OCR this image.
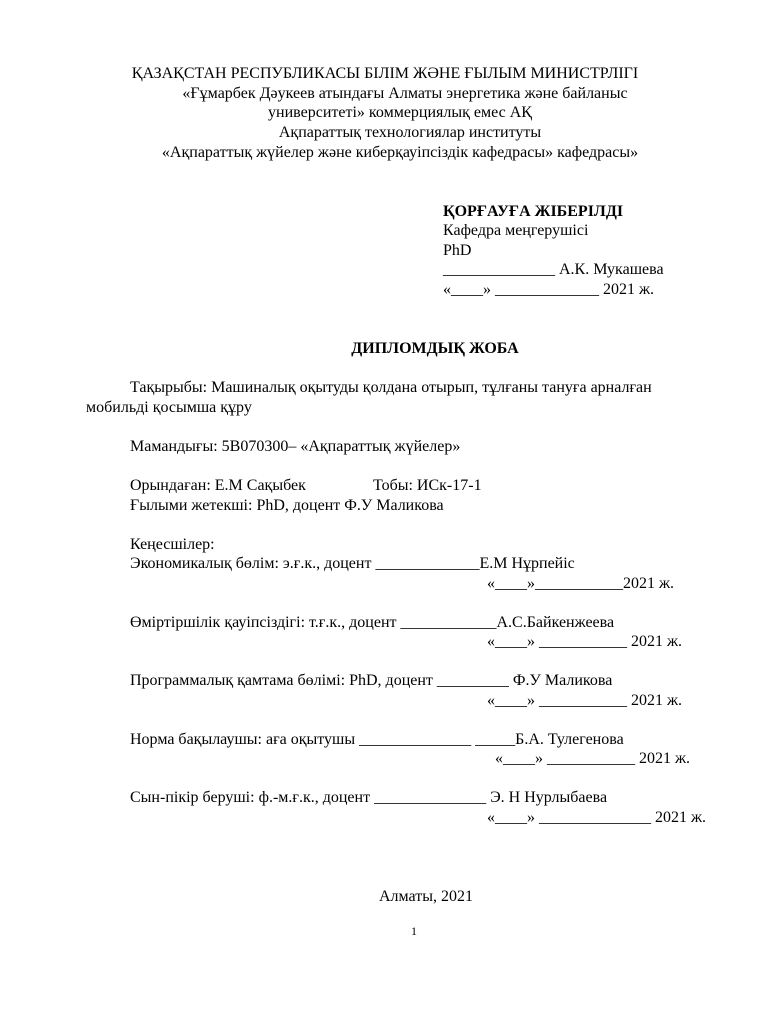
ҚАЗАҚСТАН РЕСПУБЛИКАСЫ БІЛІМ ЖӘНЕ ҒЫЛЫМ МИНИСТРЛІГІ
«Ғұмарбек Дәукеев атындағы Алматы энергетика және байланыс
университеті» коммерциялық емес АҚ
Ақпараттық технологиялар институты
«Ақпараттық жүйелер және киберқауіпсіздік кафедрасы» кафедрасы»
ҚОРҒАУҒА ЖІБЕРІЛДІ
Кафедра меңгерушісі
PhD
______________ А.К. Мукашева
«____» _____________ 2021 ж.
ДИПЛОМДЫҚ ЖОБА
Тақырыбы: Машиналық оқытуды қолдана отырып, тұлғаны тануға арналған
мобильді қосымша құру
Мамандығы: 5В070300– «Ақпараттық жүйелер»
Орындаған: Е.М Сақыбек	Тобы: ИСк-17-1
Ғылыми жетекші: PhD, доцент Ф.У Маликова
Кеңесшілер:
Экономикалық бөлім: э.ғ.к., доцент _____________Е.М Нұрпейіс
«____»___________2021 ж.
Өміртіршілік қауіпсіздігі: т.ғ.к., доцент ____________А.С.Байкенжеева
«____» ___________ 2021 ж.
Программалық қамтама бөлімі: PhD, доцент _________ Ф.У Маликова
«____» ___________ 2021 ж.
Норма бақылаушы: аға оқытушы ______________ _____Б.А. Тулегенова
«____» ___________ 2021 ж.
Сын-пікір беруші: ф.-м.ғ.к., доцент ______________ Э. Н Нурлыбаева
«____» ______________ 2021 ж.
Алматы, 2021
1
